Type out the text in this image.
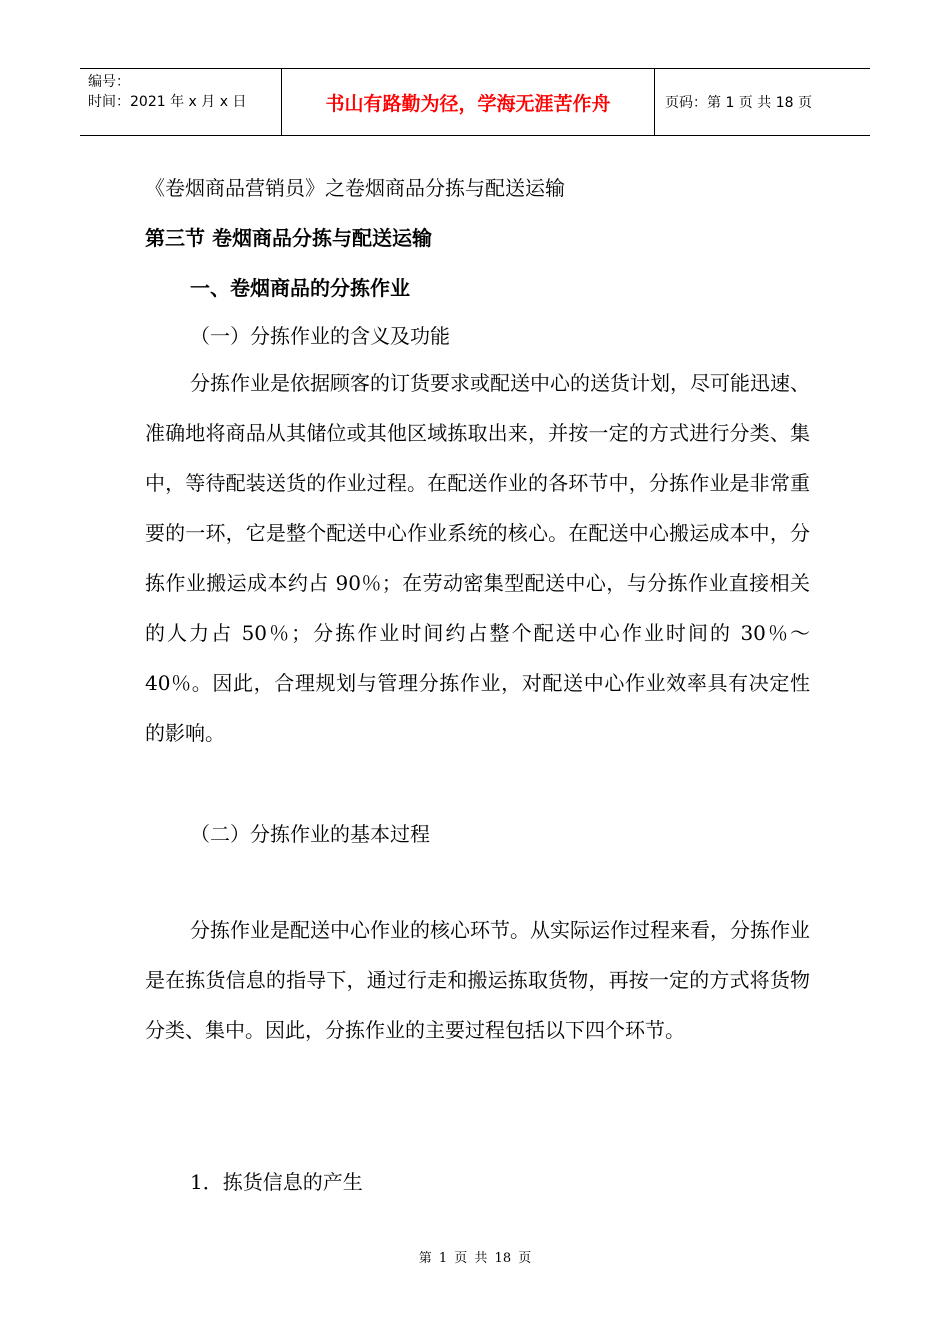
编号：
时间：2021 年 x 月 x 日	书山有路勤为径，学海无涯苦作舟	页码：第 1 页 共 18 页
《卷烟商品营销员》之卷烟商品分拣与配送运输
第三节 卷烟商品分拣与配送运输
一、卷烟商品的分拣作业
（一）分拣作业的含义及功能
分拣作业是依据顾客的订货要求或配送中心的送货计划，尽可能迅速、准确地将商品从其储位或其他区域拣取出来，并按一定的方式进行分类、集中，等待配装送货的作业过程。在配送作业的各环节中，分拣作业是非常重要的一环，它是整个配送中心作业系统的核心。在配送中心搬运成本中，分拣作业搬运成本约占 90％；在劳动密集型配送中心，与分拣作业直接相关的人力占 50％；分拣作业时间约占整个配送中心作业时间的 30％～40％。因此，合理规划与管理分拣作业，对配送中心作业效率具有决定性的影响。
（二）分拣作业的基本过程
分拣作业是配送中心作业的核心环节。从实际运作过程来看，分拣作业是在拣货信息的指导下，通过行走和搬运拣取货物，再按一定的方式将货物分类、集中。因此，分拣作业的主要过程包括以下四个环节。
1．拣货信息的产生
第 1 页 共 18 页
